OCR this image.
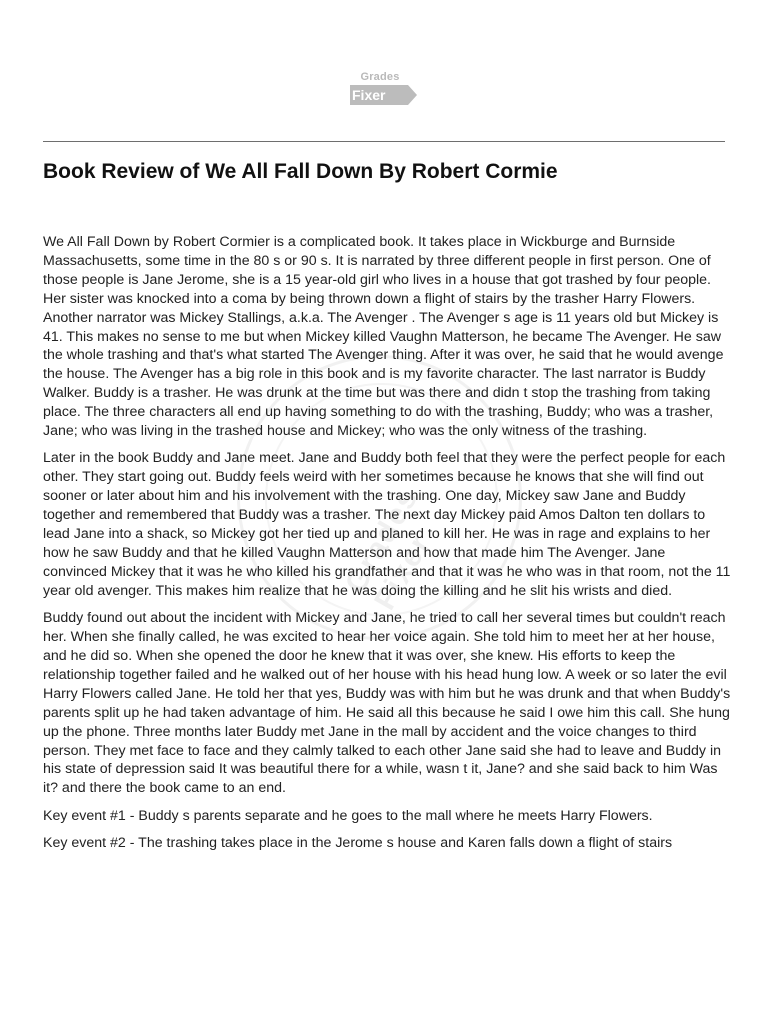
Grades
Fixer
Book Review of We All Fall Down By Robert Cormie
Grades Fixer

We All Fall Down by Robert Cormier is a complicated book. It takes place in Wickburge and Burnside Massachusetts, some time in the 80 s or 90 s. It is narrated by three different people in first person. One of those people is Jane Jerome, she is a 15 year-old girl who lives in a house that got trashed by four people. Her sister was knocked into a coma by being thrown down a flight of stairs by the trasher Harry Flowers. Another narrator was Mickey Stallings, a.k.a. The Avenger . The Avenger s age is 11 years old but Mickey is 41. This makes no sense to me but when Mickey killed Vaughn Matterson, he became The Avenger. He saw the whole trashing and that's what started The Avenger thing. After it was over, he said that he would avenge the house. The Avenger has a big role in this book and is my favorite character. The last narrator is Buddy Walker. Buddy is a trasher. He was drunk at the time but was there and didn t stop the trashing from taking place. The three characters all end up having something to do with the trashing, Buddy; who was a trasher, Jane; who was living in the trashed house and Mickey; who was the only witness of the trashing.

Later in the book Buddy and Jane meet. Jane and Buddy both feel that they were the perfect people for each other. They start going out. Buddy feels weird with her sometimes because he knows that she will find out sooner or later about him and his involvement with the trashing. One day, Mickey saw Jane and Buddy together and remembered that Buddy was a trasher. The next day Mickey paid Amos Dalton ten dollars to lead Jane into a shack, so Mickey got her tied up and planed to kill her. He was in rage and explains to her how he saw Buddy and that he killed Vaughn Matterson and how that made him The Avenger. Jane convinced Mickey that it was he who killed his grandfather and that it was he who was in that room, not the 11 year old avenger. This makes him realize that he was doing the killing and he slit his wrists and died.

Buddy found out about the incident with Mickey and Jane, he tried to call her several times but couldn't reach her. When she finally called, he was excited to hear her voice again. She told him to meet her at her house, and he did so. When she opened the door he knew that it was over, she knew. His efforts to keep the relationship together failed and he walked out of her house with his head hung low. A week or so later the evil Harry Flowers called Jane. He told her that yes, Buddy was with him but he was drunk and that when Buddy's parents split up he had taken advantage of him. He said all this because he said I owe him this call. She hung up the phone. Three months later Buddy met Jane in the mall by accident and the voice changes to third person. They met face to face and they calmly talked to each other Jane said she had to leave and Buddy in his state of depression said It was beautiful there for a while, wasn t it, Jane? and she said back to him Was it? and there the book came to an end.

Key event #1 - Buddy s parents separate and he goes to the mall where he meets Harry Flowers.

Key event #2 - The trashing takes place in the Jerome s house and Karen falls down a flight of stairs
